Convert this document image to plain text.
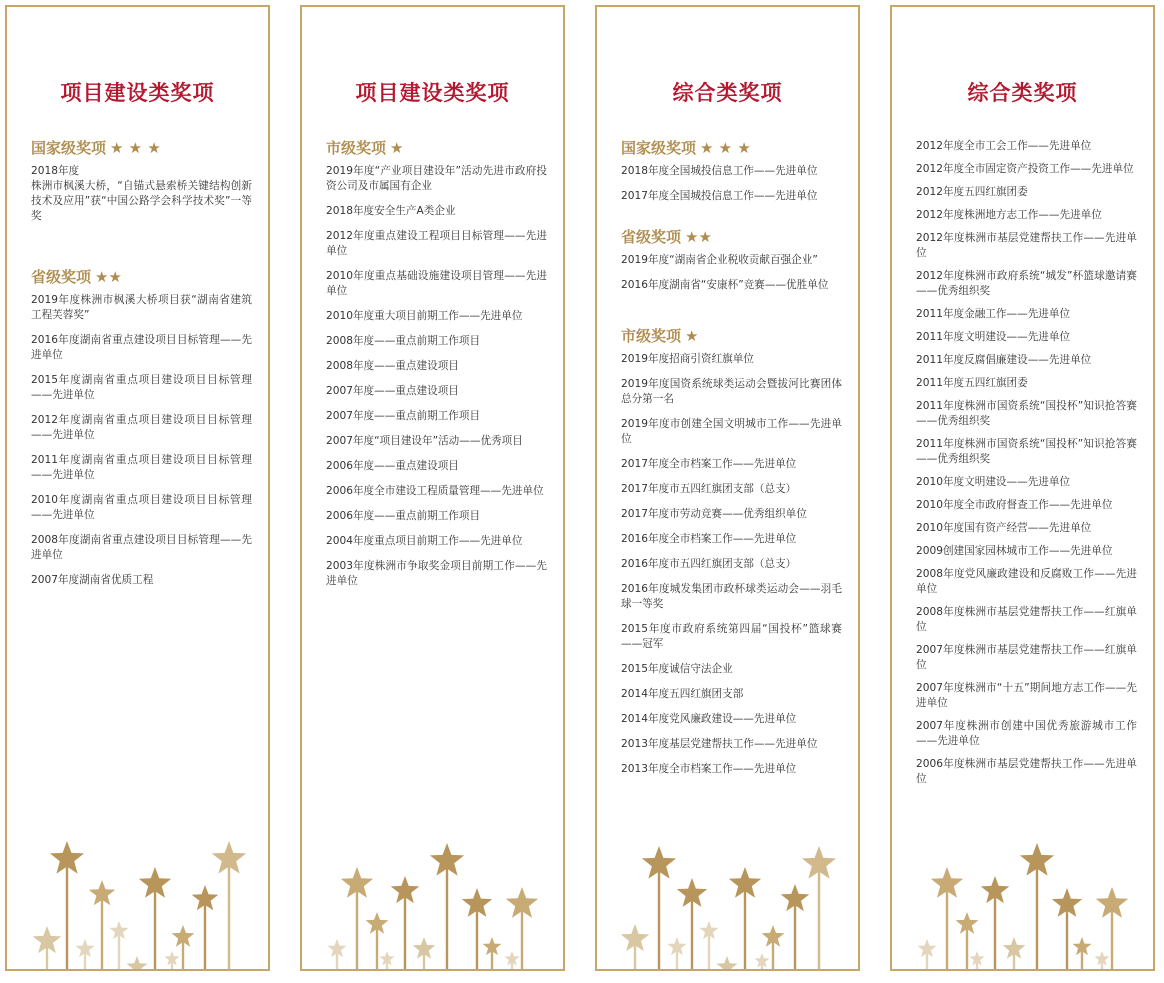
项目建设类奖项
国家级奖项 ★ ★ ★
2018年度
株洲市枫溪大桥，“自锚式悬索桥关键结构创新技术及应用”获“中国公路学会科学技术奖”一等奖
省级奖项 ★★
2019年度株洲市枫溪大桥项目获“湖南省建筑工程芙蓉奖”
2016年度湖南省重点建设项目目标管理——先进单位
2015年度湖南省重点项目建设项目目标管理——先进单位
2012年度湖南省重点项目建设项目目标管理——先进单位
2011年度湖南省重点项目建设项目目标管理——先进单位
2010年度湖南省重点项目建设项目目标管理——先进单位
2008年度湖南省重点建设项目目标管理——先进单位
2007年度湖南省优质工程
项目建设类奖项
市级奖项 ★
2019年度“产业项目建设年”活动先进市政府投资公司及市属国有企业
2018年度安全生产A类企业
2012年度重点建设工程项目目标管理——先进单位
2010年度重点基础设施建设项目管理——先进单位
2010年度重大项目前期工作——先进单位
2008年度——重点前期工作项目
2008年度——重点建设项目
2007年度——重点建设项目
2007年度——重点前期工作项目
2007年度“项目建设年”活动——优秀项目
2006年度——重点建设项目
2006年度全市建设工程质量管理——先进单位
2006年度——重点前期工作项目
2004年度重点项目前期工作——先进单位
2003年度株洲市争取奖金项目前期工作——先进单位
综合类奖项
国家级奖项 ★ ★ ★
2018年度全国城投信息工作——先进单位
2017年度全国城投信息工作——先进单位
省级奖项 ★★
2019年度“湖南省企业税收贡献百强企业”
2016年度湖南省“安康杯”竞赛——优胜单位
市级奖项 ★
2019年度招商引资红旗单位
2019年度国资系统球类运动会暨拔河比赛团体总分第一名
2019年度市创建全国文明城市工作——先进单位
2017年度全市档案工作——先进单位
2017年度市五四红旗团支部（总支）
2017年度市劳动竞赛——优秀组织单位
2016年度全市档案工作——先进单位
2016年度市五四红旗团支部（总支）
2016年度城发集团市政杯球类运动会——羽毛球一等奖
2015年度市政府系统第四届“国投杯”篮球赛——冠军
2015年度诚信守法企业
2014年度五四红旗团支部
2014年度党风廉政建设——先进单位
2013年度基层党建帮扶工作——先进单位
2013年度全市档案工作——先进单位
综合类奖项
2012年度全市工会工作——先进单位
2012年度全市固定资产投资工作——先进单位
2012年度五四红旗团委
2012年度株洲地方志工作——先进单位
2012年度株洲市基层党建帮扶工作——先进单位
2012年度株洲市政府系统“城发”杯篮球邀请赛——优秀组织奖
2011年度金融工作——先进单位
2011年度文明建设——先进单位
2011年度反腐倡廉建设——先进单位
2011年度五四红旗团委
2011年度株洲市国资系统“国投杯”知识抢答赛——优秀组织奖
2011年度株洲市国资系统“国投杯”知识抢答赛——优秀组织奖
2010年度文明建设——先进单位
2010年度全市政府督查工作——先进单位
2010年度国有资产经营——先进单位
2009创建国家园林城市工作——先进单位
2008年度党风廉政建设和反腐败工作——先进单位
2008年度株洲市基层党建帮扶工作——红旗单位
2007年度株洲市基层党建帮扶工作——红旗单位
2007年度株洲市“十五”期间地方志工作——先进单位
2007年度株洲市创建中国优秀旅游城市工作——先进单位
2006年度株洲市基层党建帮扶工作——先进单位
